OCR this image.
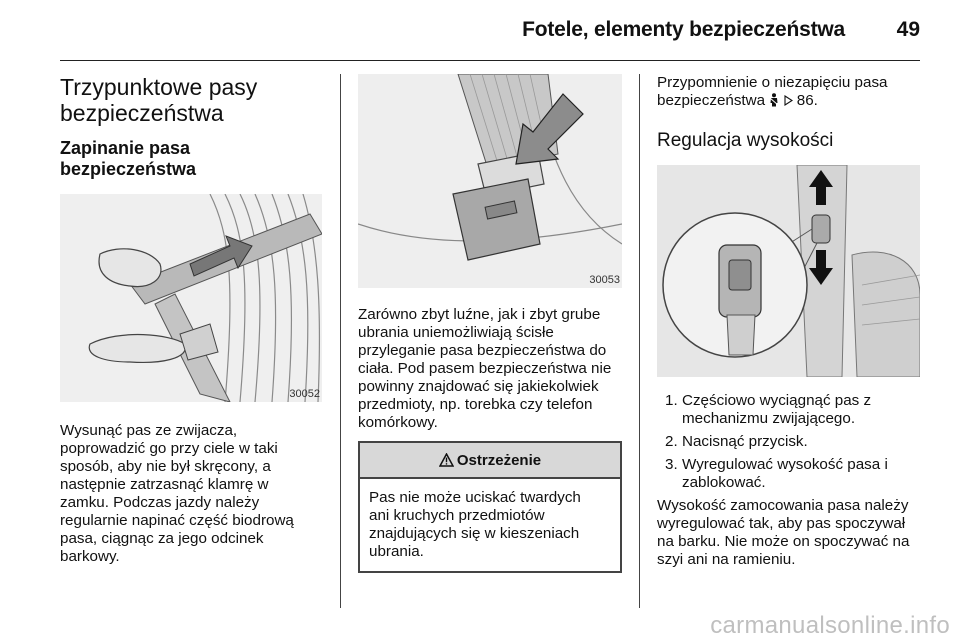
Fotele, elementy bezpieczeństwa 49
Trzypunktowe pasy
bezpieczeństwa
Zapinanie pasa
bezpieczeństwa
30052

Wysunąć pas ze zwijacza,
poprowadzić go przy ciele w taki
sposób, aby nie był skręcony, a
następnie zatrzasnąć klamrę w
zamku. Podczas jazdy należy
regularnie napinać część biodrową
pasa, ciągnąc za jego odcinek
barkowy.

30053

Zarówno zbyt luźne, jak i zbyt grube
ubrania uniemożliwiają ścisłe
przyleganie pasa bezpieczeństwa do
ciała. Pod pasem bezpieczeństwa nie
powinny znajdować się jakiekolwiek
przedmioty, np. torebka czy telefon
komórkowy.

Ostrzeżenie
Pas nie może uciskać twardych
ani kruchych przedmiotów
znajdujących się w kieszeniach
ubrania.

Przypomnienie o niezapięciu pasa
bezpieczeństwa 86.

Regulacja wysokości
1. Częściowo wyciągnąć pas z
mechanizmu zwijającego.
2. Nacisnąć przycisk.
3. Wyregulować wysokość pasa i
zablokować.

Wysokość zamocowania pasa należy
wyregulować tak, aby pas spoczywał
na barku. Nie może on spoczywać na
szyi ani na ramieniu.

carmanualsonline.info
